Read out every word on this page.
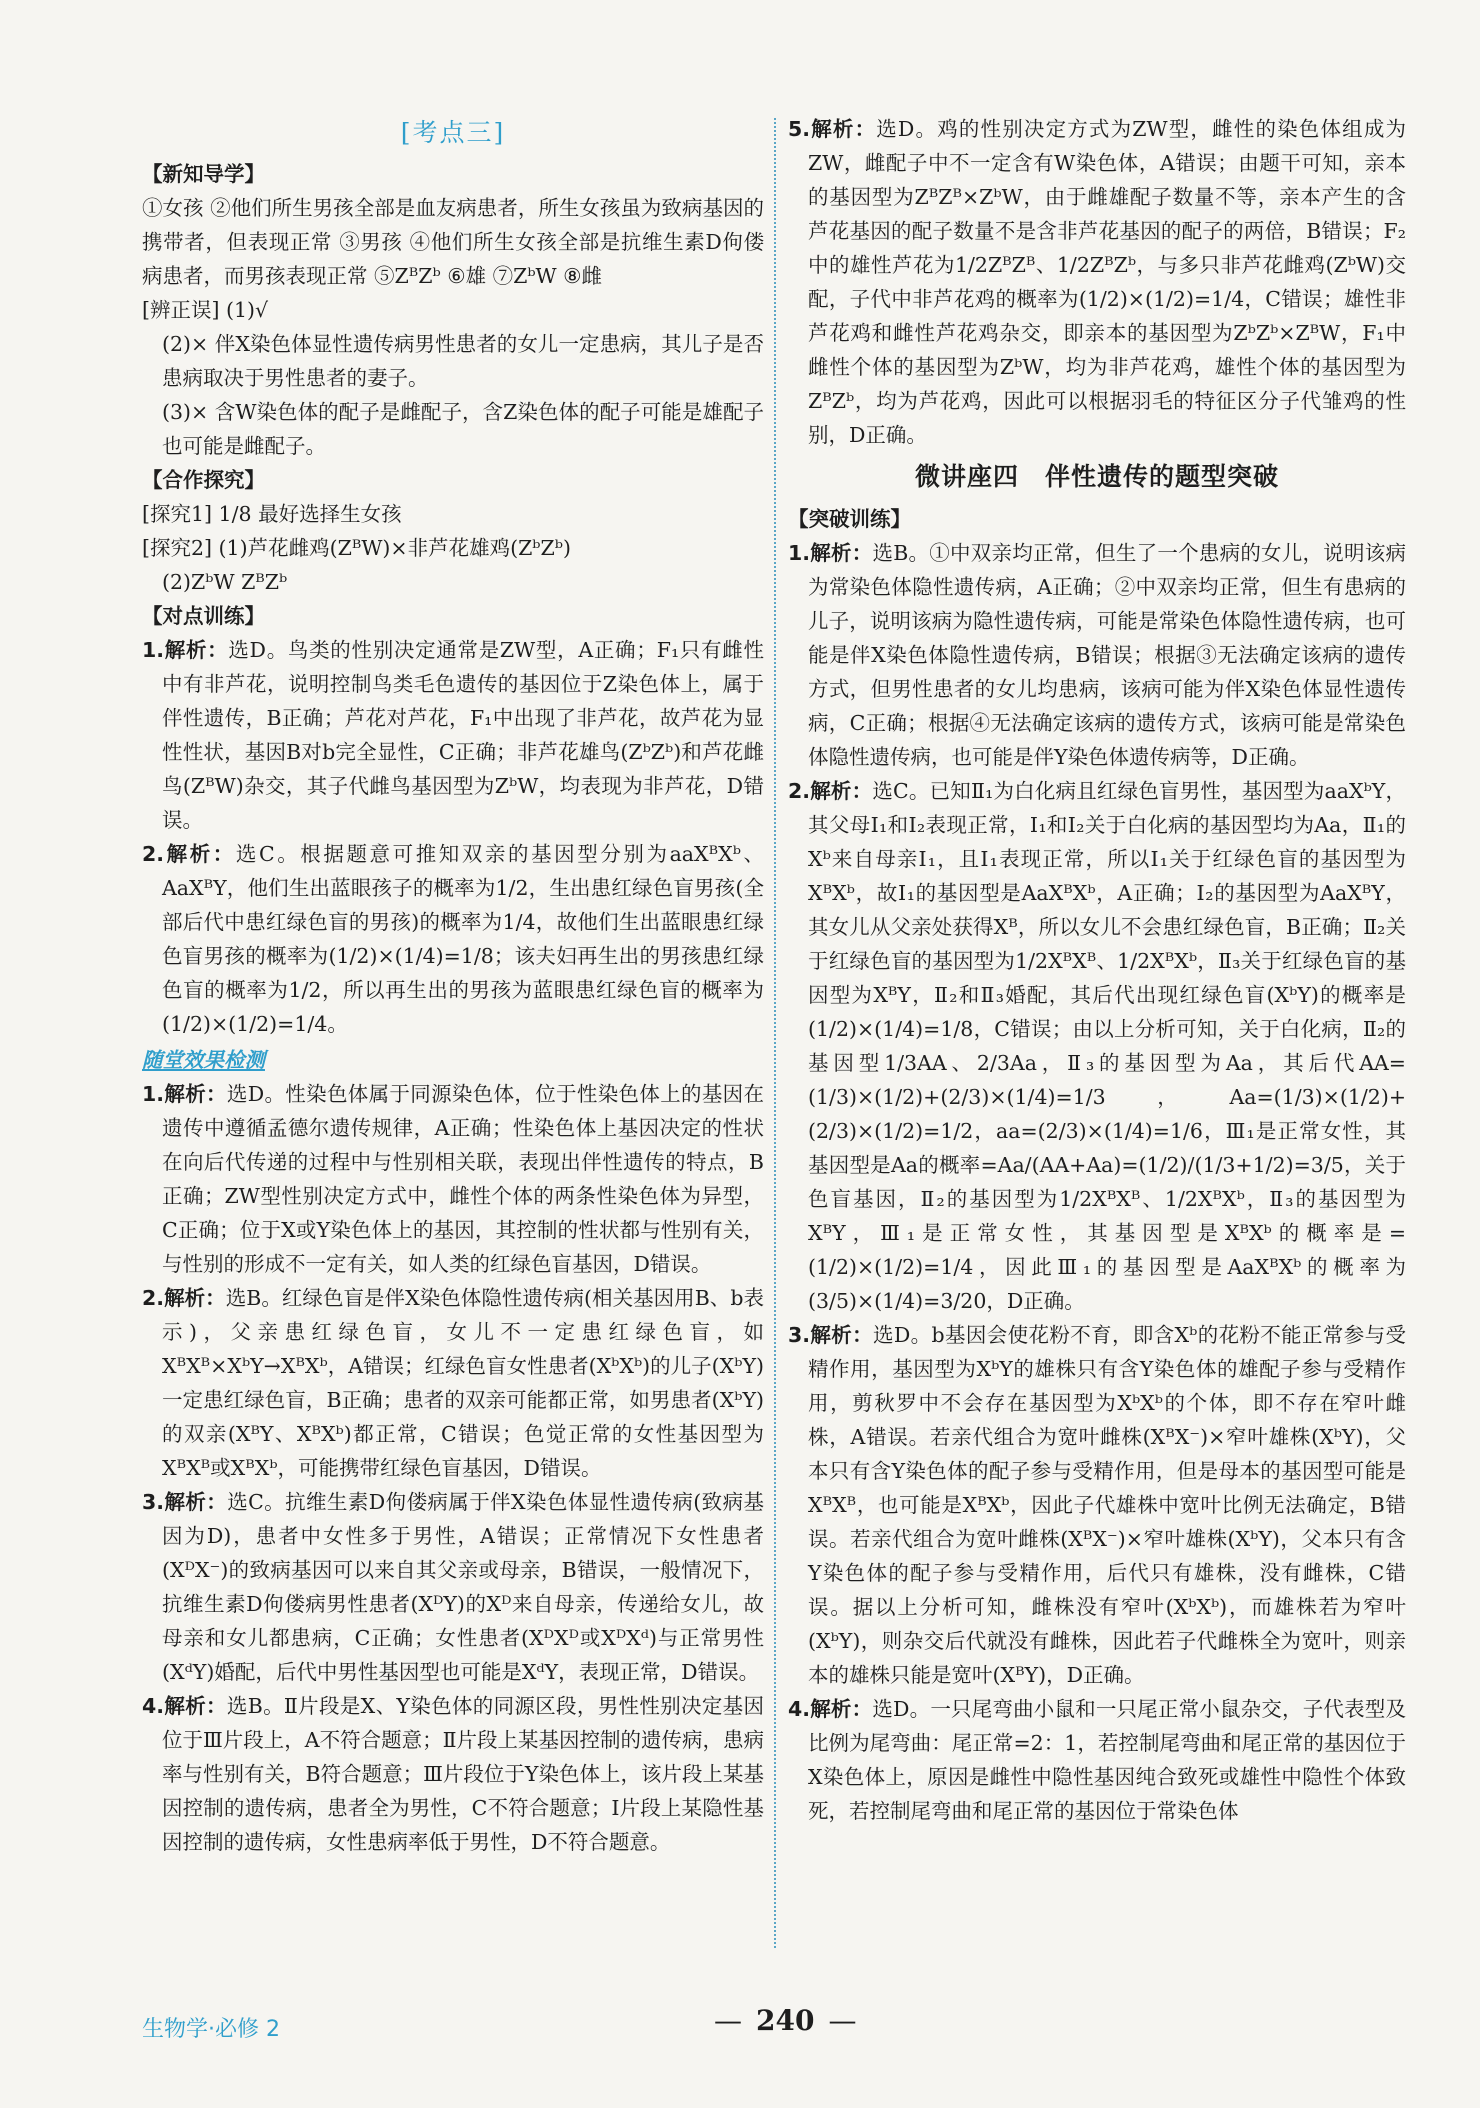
[考点三]

【新知导学】

①女孩 ②他们所生男孩全部是血友病患者，所生女孩虽为致病基因的携带者，但表现正常 ③男孩 ④他们所生女孩全部是抗维生素D佝偻病患者，而男孩表现正常 ⑤ZᴮZᵇ ⑥雄 ⑦ZᵇW ⑧雌

[辨正误] (1)√

(2)× 伴X染色体显性遗传病男性患者的女儿一定患病，其儿子是否患病取决于男性患者的妻子。

(3)× 含W染色体的配子是雌配子，含Z染色体的配子可能是雄配子也可能是雌配子。

【合作探究】

[探究1] 1/8 最好选择生女孩

[探究2] (1)芦花雌鸡(ZᴮW)×非芦花雄鸡(ZᵇZᵇ)

(2)ZᵇW ZᴮZᵇ

【对点训练】

1.解析：选D。鸟类的性别决定通常是ZW型，A正确；F₁只有雌性中有非芦花，说明控制鸟类毛色遗传的基因位于Z染色体上，属于伴性遗传，B正确；芦花对芦花，F₁中出现了非芦花，故芦花为显性性状，基因B对b完全显性，C正确；非芦花雄鸟(ZᵇZᵇ)和芦花雌鸟(ZᴮW)杂交，其子代雌鸟基因型为ZᵇW，均表现为非芦花，D错误。

2.解析：选C。根据题意可推知双亲的基因型分别为aaXᴮXᵇ、AaXᴮY，他们生出蓝眼孩子的概率为1/2，生出患红绿色盲男孩(全部后代中患红绿色盲的男孩)的概率为1/4，故他们生出蓝眼患红绿色盲男孩的概率为(1/2)×(1/4)=1/8；该夫妇再生出的男孩患红绿色盲的概率为1/2，所以再生出的男孩为蓝眼患红绿色盲的概率为(1/2)×(1/2)=1/4。

随堂效果检测

1.解析：选D。性染色体属于同源染色体，位于性染色体上的基因在遗传中遵循孟德尔遗传规律，A正确；性染色体上基因决定的性状在向后代传递的过程中与性别相关联，表现出伴性遗传的特点，B正确；ZW型性别决定方式中，雌性个体的两条性染色体为异型，C正确；位于X或Y染色体上的基因，其控制的性状都与性别有关，与性别的形成不一定有关，如人类的红绿色盲基因，D错误。

2.解析：选B。红绿色盲是伴X染色体隐性遗传病(相关基因用B、b表示)，父亲患红绿色盲，女儿不一定患红绿色盲，如XᴮXᴮ×XᵇY→XᴮXᵇ，A错误；红绿色盲女性患者(XᵇXᵇ)的儿子(XᵇY)一定患红绿色盲，B正确；患者的双亲可能都正常，如男患者(XᵇY)的双亲(XᴮY、XᴮXᵇ)都正常，C错误；色觉正常的女性基因型为XᴮXᴮ或XᴮXᵇ，可能携带红绿色盲基因，D错误。

3.解析：选C。抗维生素D佝偻病属于伴X染色体显性遗传病(致病基因为D)，患者中女性多于男性，A错误；正常情况下女性患者(XᴰX⁻)的致病基因可以来自其父亲或母亲，B错误，一般情况下，抗维生素D佝偻病男性患者(XᴰY)的Xᴰ来自母亲，传递给女儿，故母亲和女儿都患病，C正确；女性患者(XᴰXᴰ或XᴰXᵈ)与正常男性(XᵈY)婚配，后代中男性基因型也可能是XᵈY，表现正常，D错误。

4.解析：选B。Ⅱ片段是X、Y染色体的同源区段，男性性别决定基因位于Ⅲ片段上，A不符合题意；Ⅱ片段上某基因控制的遗传病，患病率与性别有关，B符合题意；Ⅲ片段位于Y染色体上，该片段上某基因控制的遗传病，患者全为男性，C不符合题意；Ⅰ片段上某隐性基因控制的遗传病，女性患病率低于男性，D不符合题意。

5.解析：选D。鸡的性别决定方式为ZW型，雌性的染色体组成为ZW，雌配子中不一定含有W染色体，A错误；由题干可知，亲本的基因型为ZᴮZᴮ×ZᵇW，由于雌雄配子数量不等，亲本产生的含芦花基因的配子数量不是含非芦花基因的配子的两倍，B错误；F₂中的雄性芦花为1/2ZᴮZᴮ、1/2ZᴮZᵇ，与多只非芦花雌鸡(ZᵇW)交配，子代中非芦花鸡的概率为(1/2)×(1/2)=1/4，C错误；雄性非芦花鸡和雌性芦花鸡杂交，即亲本的基因型为ZᵇZᵇ×ZᴮW，F₁中雌性个体的基因型为ZᵇW，均为非芦花鸡，雄性个体的基因型为ZᴮZᵇ，均为芦花鸡，因此可以根据羽毛的特征区分子代雏鸡的性别，D正确。

微讲座四　伴性遗传的题型突破

【突破训练】

1.解析：选B。①中双亲均正常，但生了一个患病的女儿，说明该病为常染色体隐性遗传病，A正确；②中双亲均正常，但生有患病的儿子，说明该病为隐性遗传病，可能是常染色体隐性遗传病，也可能是伴X染色体隐性遗传病，B错误；根据③无法确定该病的遗传方式，但男性患者的女儿均患病，该病可能为伴X染色体显性遗传病，C正确；根据④无法确定该病的遗传方式，该病可能是常染色体隐性遗传病，也可能是伴Y染色体遗传病等，D正确。

2.解析：选C。已知Ⅱ₁为白化病且红绿色盲男性，基因型为aaXᵇY，其父母Ⅰ₁和Ⅰ₂表现正常，Ⅰ₁和Ⅰ₂关于白化病的基因型均为Aa，Ⅱ₁的Xᵇ来自母亲Ⅰ₁，且Ⅰ₁表现正常，所以Ⅰ₁关于红绿色盲的基因型为XᴮXᵇ，故Ⅰ₁的基因型是AaXᴮXᵇ，A正确；Ⅰ₂的基因型为AaXᴮY，其女儿从父亲处获得Xᴮ，所以女儿不会患红绿色盲，B正确；Ⅱ₂关于红绿色盲的基因型为1/2XᴮXᴮ、1/2XᴮXᵇ，Ⅱ₃关于红绿色盲的基因型为XᴮY，Ⅱ₂和Ⅱ₃婚配，其后代出现红绿色盲(XᵇY)的概率是(1/2)×(1/4)=1/8，C错误；由以上分析可知，关于白化病，Ⅱ₂的基因型1/3AA、2/3Aa，Ⅱ₃的基因型为Aa，其后代AA=(1/3)×(1/2)+(2/3)×(1/4)=1/3，Aa=(1/3)×(1/2)+(2/3)×(1/2)=1/2，aa=(2/3)×(1/4)=1/6，Ⅲ₁是正常女性，其基因型是Aa的概率=Aa/(AA+Aa)=(1/2)/(1/3+1/2)=3/5，关于色盲基因，Ⅱ₂的基因型为1/2XᴮXᴮ、1/2XᴮXᵇ，Ⅱ₃的基因型为XᴮY，Ⅲ₁是正常女性，其基因型是XᴮXᵇ的概率是=(1/2)×(1/2)=1/4，因此Ⅲ₁的基因型是AaXᴮXᵇ的概率为(3/5)×(1/4)=3/20，D正确。

3.解析：选D。b基因会使花粉不育，即含Xᵇ的花粉不能正常参与受精作用，基因型为XᵇY的雄株只有含Y染色体的雄配子参与受精作用，剪秋罗中不会存在基因型为XᵇXᵇ的个体，即不存在窄叶雌株，A错误。若亲代组合为宽叶雌株(XᴮX⁻)×窄叶雄株(XᵇY)，父本只有含Y染色体的配子参与受精作用，但是母本的基因型可能是XᴮXᴮ，也可能是XᴮXᵇ，因此子代雄株中宽叶比例无法确定，B错误。若亲代组合为宽叶雌株(XᴮX⁻)×窄叶雄株(XᵇY)，父本只有含Y染色体的配子参与受精作用，后代只有雄株，没有雌株，C错误。据以上分析可知，雌株没有窄叶(XᵇXᵇ)，而雄株若为窄叶(XᵇY)，则杂交后代就没有雌株，因此若子代雌株全为宽叶，则亲本的雄株只能是宽叶(XᴮY)，D正确。

4.解析：选D。一只尾弯曲小鼠和一只尾正常小鼠杂交，子代表型及比例为尾弯曲：尾正常=2：1，若控制尾弯曲和尾正常的基因位于X染色体上，原因是雌性中隐性基因纯合致死或雄性中隐性个体致死，若控制尾弯曲和尾正常的基因位于常染色体

生物学·必修 2	— 240 —
